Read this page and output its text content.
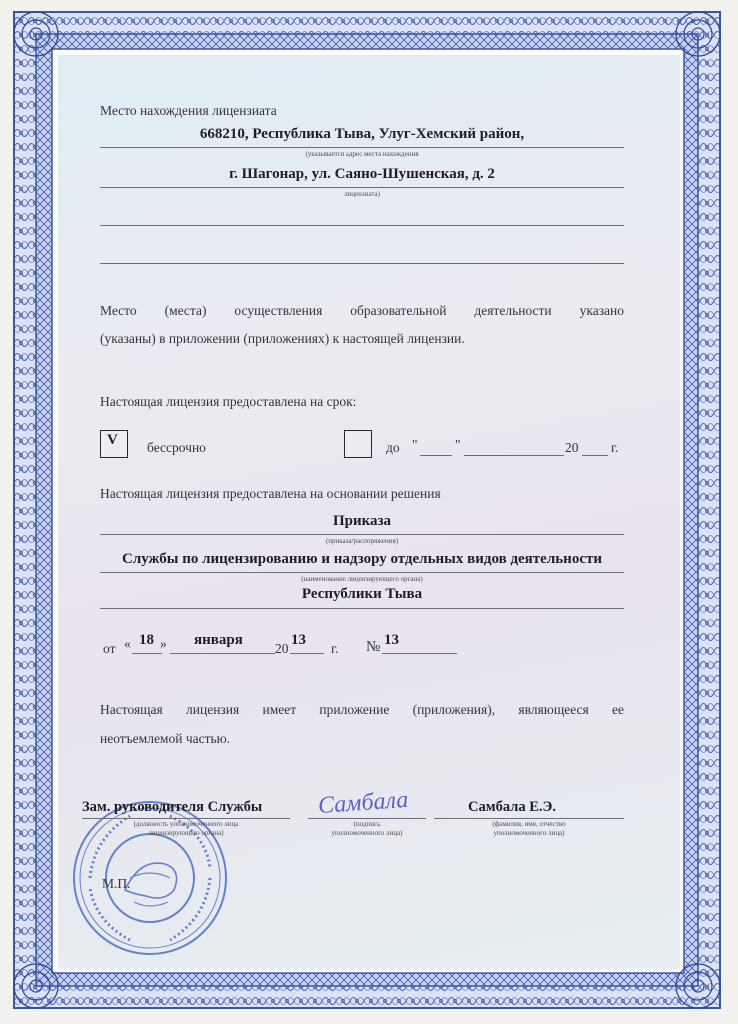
Место нахождения лицензиата
668210, Республика Тыва, Улуг-Хемский район,
(указывается адрес места нахождения
г. Шагонар, ул. Саяно-Шушенская, д. 2
лицензиата)
Место (места) осуществления образовательной деятельности указано
(указаны) в приложении (приложениях) к настоящей лицензии.
Настоящая лицензия предоставлена на срок:
V бессрочно	до "	"	20 г.
Настоящая лицензия предоставлена на основании решения
Приказа
(приказа/распоряжения)
Службы по лицензированию и надзору отдельных видов деятельности
(наименование лицензирующего органа)
Республики Тыва
от « 18 » января
20
13
г. № 13
Настоящая лицензия имеет приложение (приложения), являющееся ее
неотъемлемой частью.
Зам. руководителя Службы
(должность уполномоченного лица
лицензирующего органа)
Самбала
(подпись
уполномоченного лица)
Самбала Е.Э.
(фамилия, имя, отчество
уполномоченного лица)
М.П.
